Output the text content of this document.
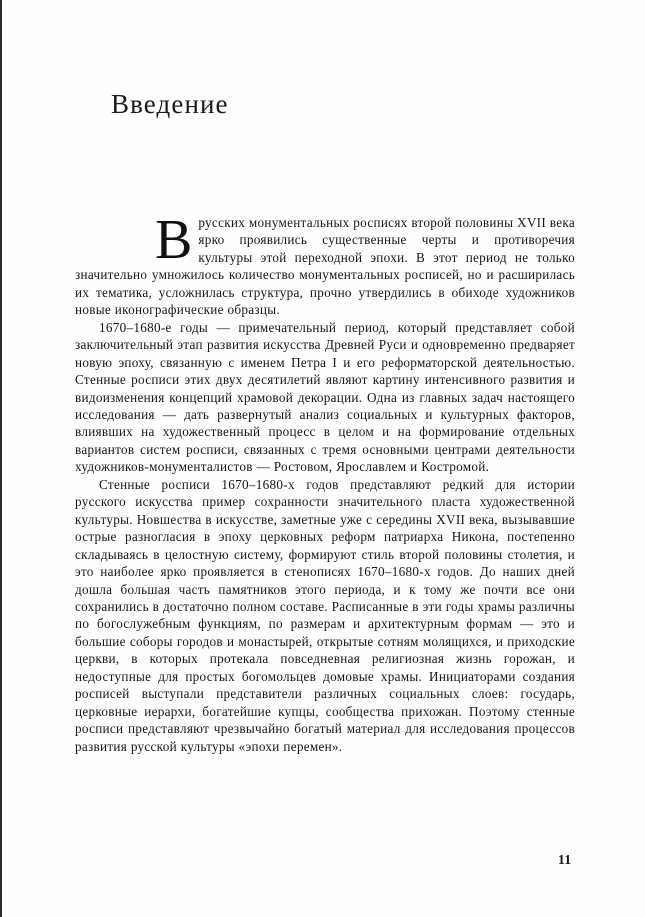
Введение

Врусских монументальных росписях второй половины XVII века ярко проявились существенные черты и противоречия культуры этой переходной эпохи. В этот период не только значительно умножилось количество монументальных росписей, но и расширилась их тематика, усложнилась структура, прочно утвердились в обиходе художников новые иконографические образцы.

1670–1680-е годы — примечательный период, который представляет собой заключительный этап развития искусства Древней Руси и одновременно предваряет новую эпоху, связанную с именем Петра I и его реформаторской деятельностью. Стенные росписи этих двух десятилетий являют картину интенсивного развития и видоизменения концепций храмовой декорации. Одна из главных задач настоящего исследования — дать развернутый анализ социальных и культурных факторов, влиявших на художественный процесс в целом и на формирование отдельных вариантов систем росписи, связанных с тремя основными центрами деятельности художников-монументалистов — Ростовом, Ярославлем и Костромой.

Стенные росписи 1670–1680-х годов представляют редкий для истории русского искусства пример сохранности значительного пласта художественной культуры. Новшества в искусстве, заметные уже с середины XVII века, вызывавшие острые разногласия в эпоху церковных реформ патриарха Никона, постепенно складываясь в целостную систему, формируют стиль второй половины столетия, и это наиболее ярко проявляется в стенописях 1670–1680-х годов. До наших дней дошла большая часть памятников этого периода, и к тому же почти все они сохранились в достаточно полном составе. Расписанные в эти годы храмы различны по богослужебным функциям, по размерам и архитектурным формам — это и большие соборы городов и монастырей, открытые сотням молящихся, и приходские церкви, в которых протекала повседневная религиозная жизнь горожан, и недоступные для простых богомольцев домовые храмы. Инициаторами создания росписей выступали представители различных социальных слоев: государь, церковные иерархи, богатейшие купцы, сообщества прихожан. Поэтому стенные росписи представляют чрезвычайно богатый материал для исследования процессов развития русской культуры «эпохи перемен».

11
